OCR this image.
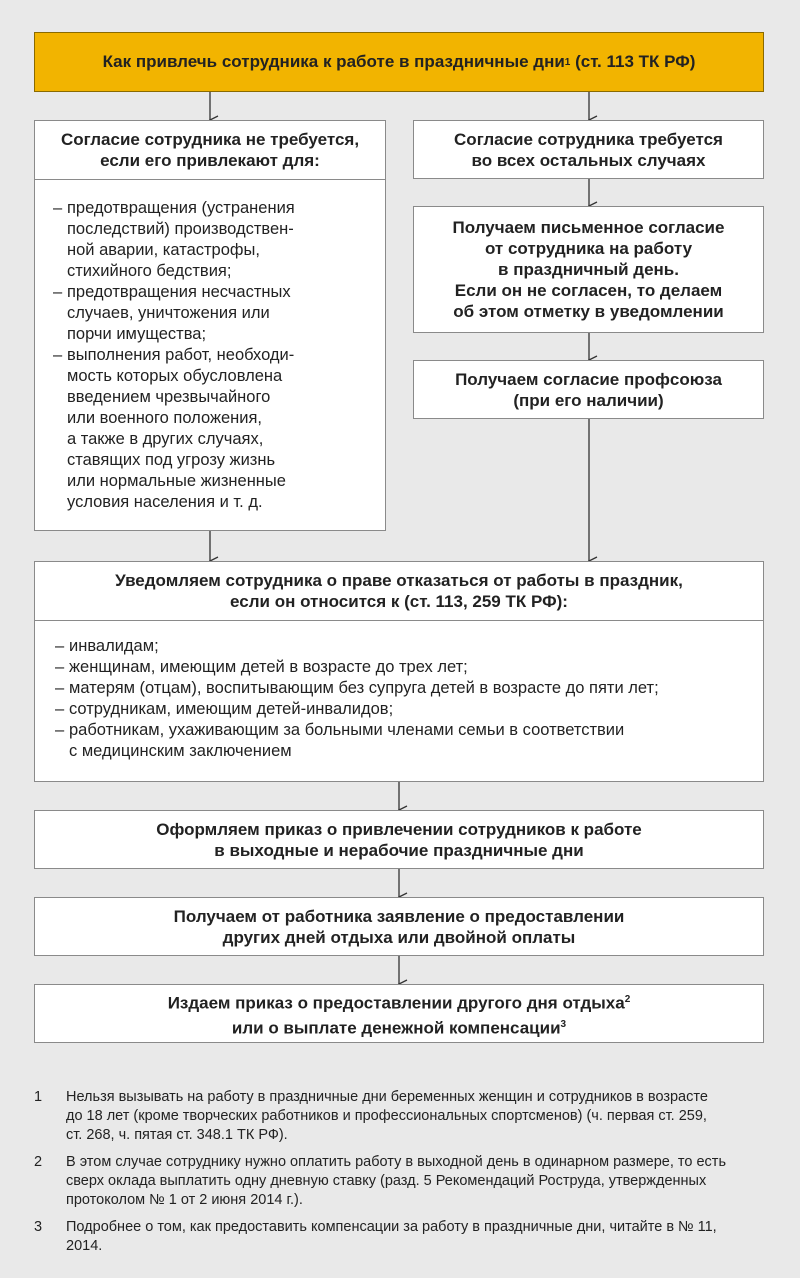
Как привлечь сотрудника к работе в праздничные дни 1 (ст. 113 ТК РФ)
Согласие сотрудника не требуется,
если его привлекают для:
– предотвращения (устранения
последствий) производствен-
ной аварии, катастрофы,
стихийного бедствия;
– предотвращения несчастных
случаев, уничтожения или
порчи имущества;
– выполнения работ, необходи-
мость которых обусловлена
введением чрезвычайного
или военного положения,
а также в других случаях,
ставящих под угрозу жизнь
или нормальные жизненные
условия населения и т. д.
Согласие сотрудника требуется
во всех остальных случаях
Получаем письменное согласие
от сотрудника на работу
в праздничный день.
Если он не согласен, то делаем
об этом отметку в уведомлении
Получаем согласие профсоюза
(при его наличии)
Уведомляем сотрудника о праве отказаться от работы в праздник,
если он относится к (ст. 113, 259 ТК РФ):
– инвалидам;
– женщинам, имеющим детей в возрасте до трех лет;
– матерям (отцам), воспитывающим без супруга детей в возрасте до пяти лет;
– сотрудникам, имеющим детей-инвалидов;
– работникам, ухаживающим за больными членами семьи в соответствии
с медицинским заключением
Оформляем приказ о привлечении сотрудников к работе
в выходные и нерабочие праздничные дни
Получаем от работника заявление о предоставлении
других дней отдыха или двойной оплаты
Издаем приказ о предоставлении другого дня отдыха$^2$
или о выплате денежной компенсации$^3$
1	Нельзя вызывать на работу в праздничные дни беременных женщин и сотрудников в возрасте
до 18 лет (кроме творческих работников и профессиональных спортсменов) (ч. первая ст. 259,
ст. 268, ч. пятая ст. 348.1 ТК РФ).
2	В этом случае сотруднику нужно оплатить работу в выходной день в одинарном размере, то есть
сверх оклада выплатить одну дневную ставку (разд. 5 Рекомендаций Роструда, утвержденных
протоколом № 1 от 2 июня 2014 г.).
3	Подробнее о том, как предоставить компенсации за работу в праздничные дни, читайте в № 11,
2014.
